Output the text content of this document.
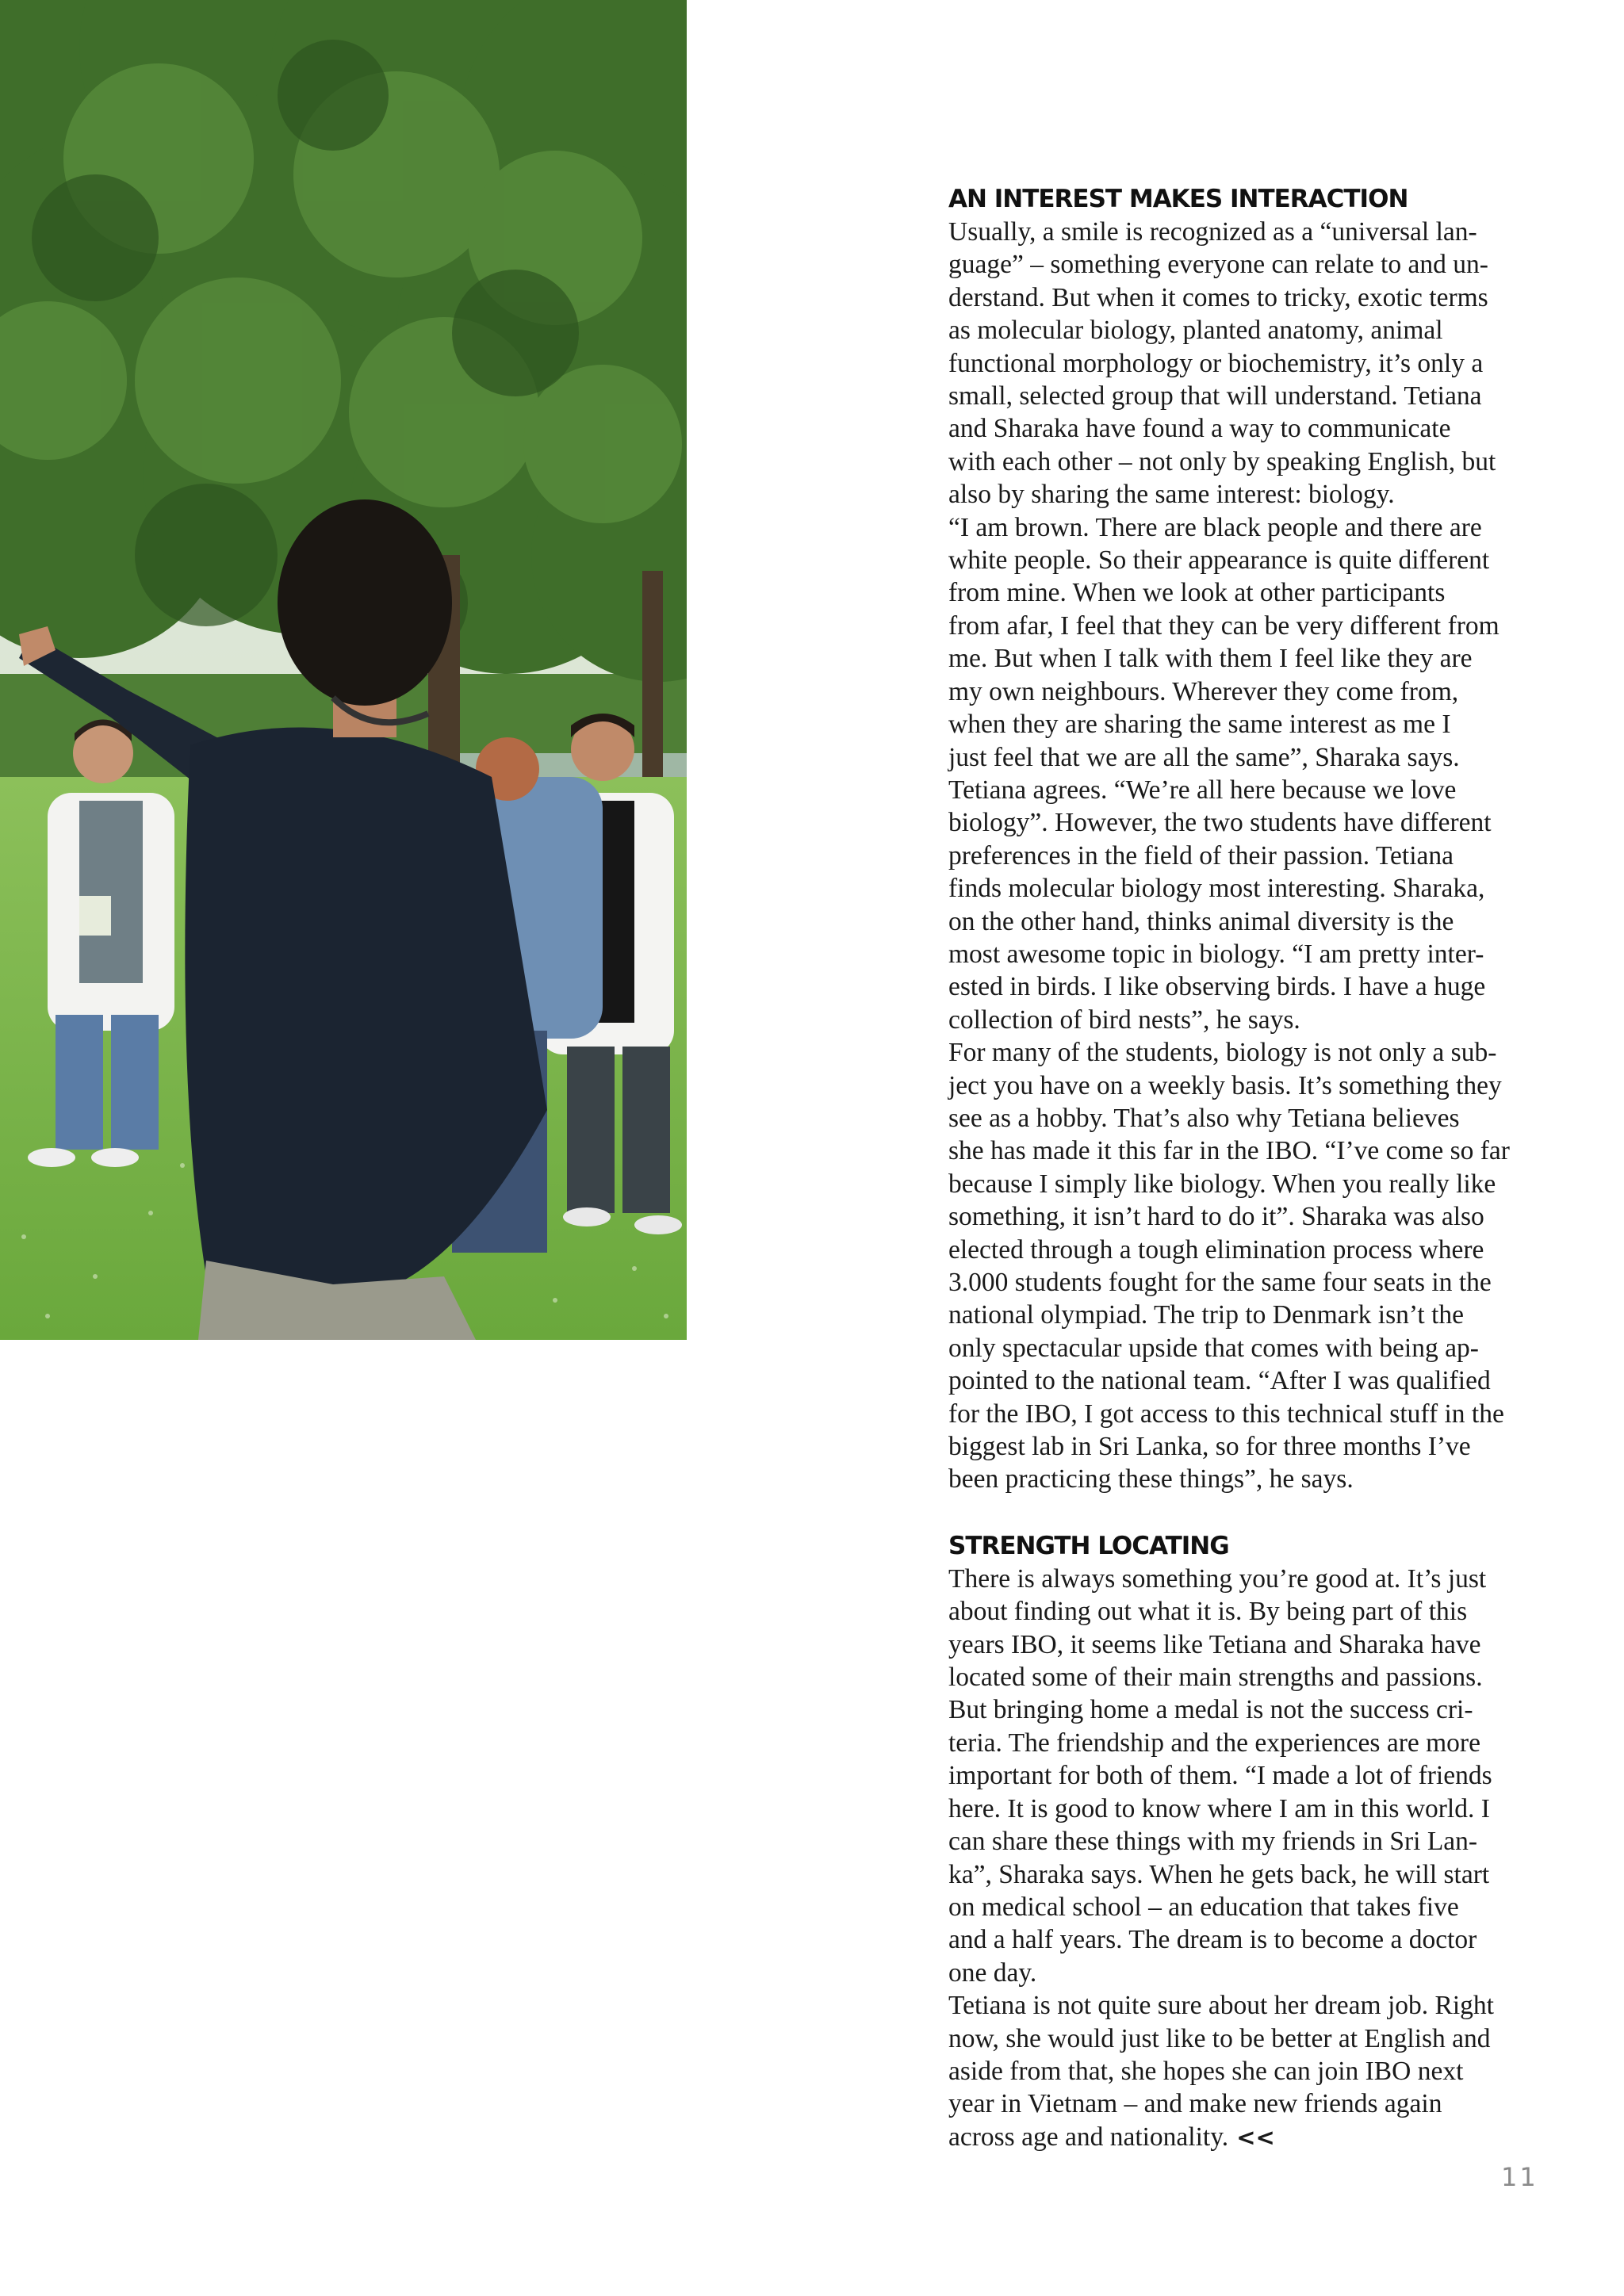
AN INTEREST MAKES INTERACTION

Usually, a smile is recognized as a “universal lan-
guage” – something everyone can relate to and un-
derstand. But when it comes to tricky, exotic terms
as molecular biology, planted anatomy, animal
functional morphology or biochemistry, it’s only a
small, selected group that will understand. Tetiana
and Sharaka have found a way to communicate
with each other – not only by speaking English, but
also by sharing the same interest: biology.

“I am brown. There are black people and there are
white people. So their appearance is quite different
from mine. When we look at other participants
from afar, I feel that they can be very different from
me. But when I talk with them I feel like they are
my own neighbours. Wherever they come from,
when they are sharing the same interest as me I
just feel that we are all the same”, Sharaka says.
Tetiana agrees. “We’re all here because we love
biology”. However, the two students have different
preferences in the field of their passion. Tetiana
finds molecular biology most interesting. Sharaka,
on the other hand, thinks animal diversity is the
most awesome topic in biology. “I am pretty inter-
ested in birds. I like observing birds. I have a huge
collection of bird nests”, he says.

For many of the students, biology is not only a sub-
ject you have on a weekly basis. It’s something they
see as a hobby. That’s also why Tetiana believes
she has made it this far in the IBO. “I’ve come so far
because I simply like biology. When you really like
something, it isn’t hard to do it”. Sharaka was also
elected through a tough elimination process where
3.000 students fought for the same four seats in the
national olympiad. The trip to Denmark isn’t the
only spectacular upside that comes with being ap-
pointed to the national team. “After I was qualified
for the IBO, I got access to this technical stuff in the
biggest lab in Sri Lanka, so for three months I’ve
been practicing these things”, he says.

STRENGTH LOCATING

There is always something you’re good at. It’s just
about finding out what it is. By being part of this
years IBO, it seems like Tetiana and Sharaka have
located some of their main strengths and passions.
But bringing home a medal is not the success cri-
teria. The friendship and the experiences are more
important for both of them. “I made a lot of friends
here. It is good to know where I am in this world. I
can share these things with my friends in Sri Lan-
ka”, Sharaka says. When he gets back, he will start
on medical school – an education that takes five
and a half years. The dream is to become a doctor
one day.

Tetiana is not quite sure about her dream job. Right
now, she would just like to be better at English and
aside from that, she hopes she can join IBO next
year in Vietnam – and make new friends again
across age and nationality. <<

11
